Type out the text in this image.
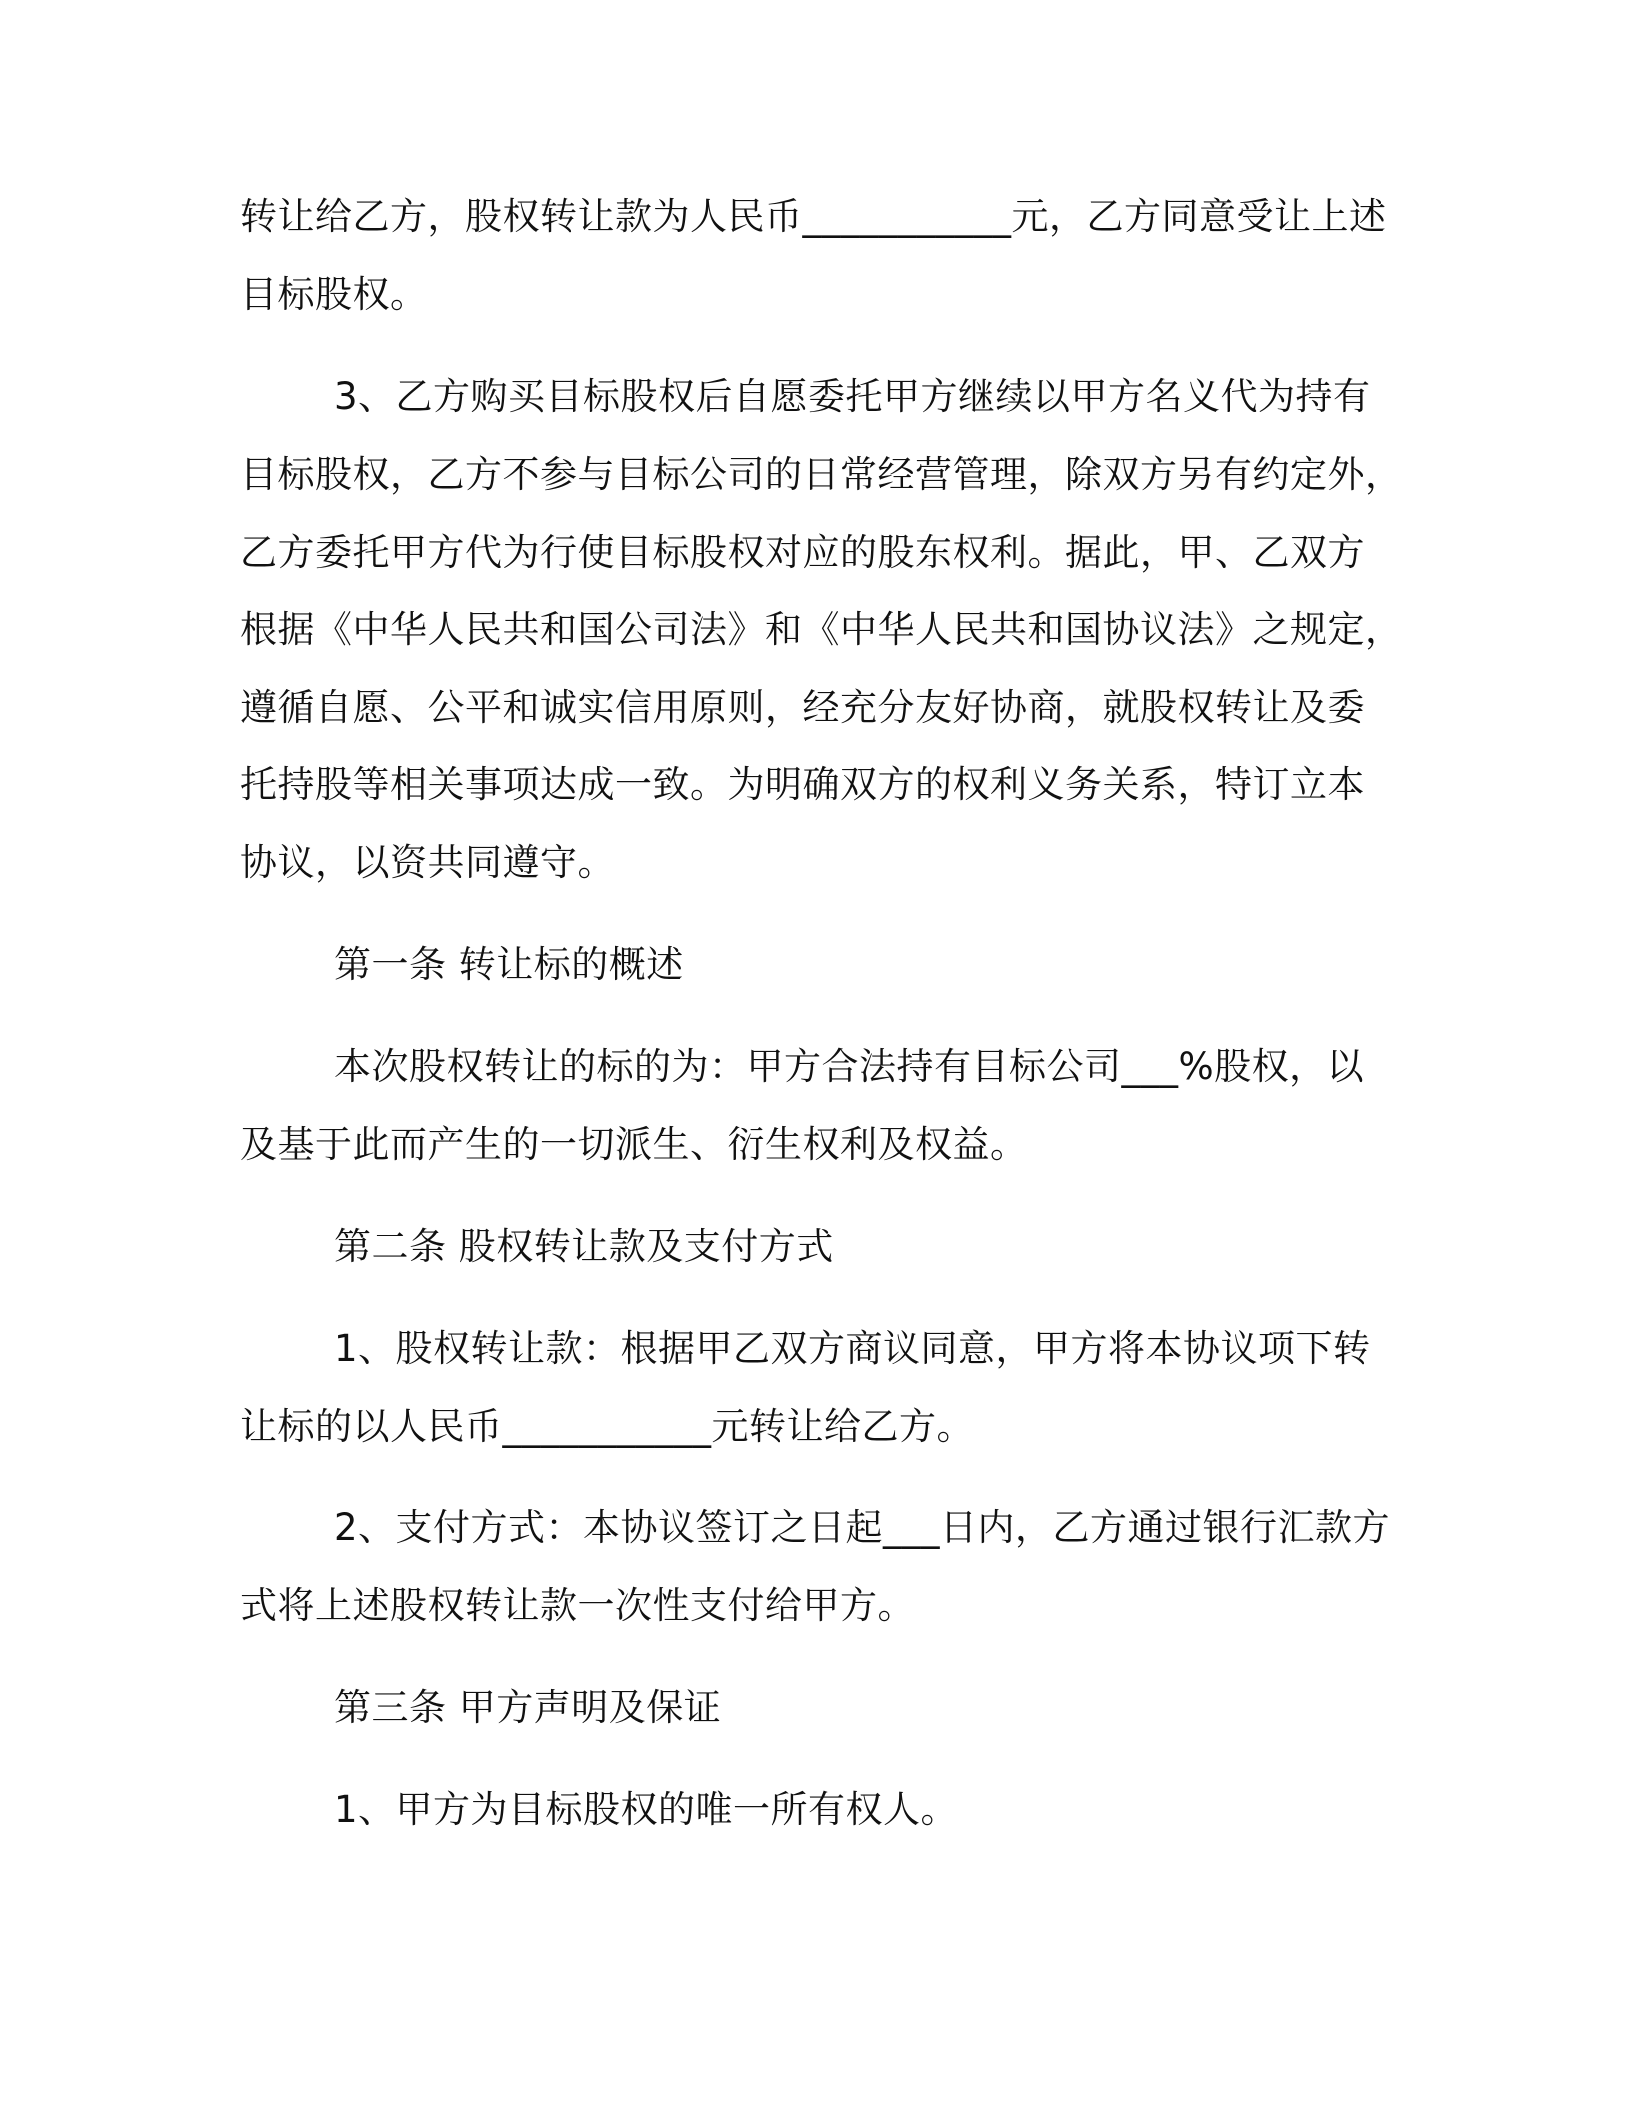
转让给乙方，股权转让款为人民币___________元，乙方同意受让上述
目标股权。
3、乙方购买目标股权后自愿委托甲方继续以甲方名义代为持有
目标股权，乙方不参与目标公司的日常经营管理，除双方另有约定外，
乙方委托甲方代为行使目标股权对应的股东权利。据此，甲、乙双方
根据《中华人民共和国公司法》和《中华人民共和国协议法》之规定，
遵循自愿、公平和诚实信用原则，经充分友好协商，就股权转让及委
托持股等相关事项达成一致。为明确双方的权利义务关系，特订立本
协议，以资共同遵守。
第一条 转让标的概述
本次股权转让的标的为：甲方合法持有目标公司___%股权，以
及基于此而产生的一切派生、衍生权利及权益。
第二条 股权转让款及支付方式
1、股权转让款：根据甲乙双方商议同意，甲方将本协议项下转
让标的以人民币___________元转让给乙方。
2、支付方式：本协议签订之日起___日内，乙方通过银行汇款方
式将上述股权转让款一次性支付给甲方。
第三条 甲方声明及保证
1、甲方为目标股权的唯一所有权人。
